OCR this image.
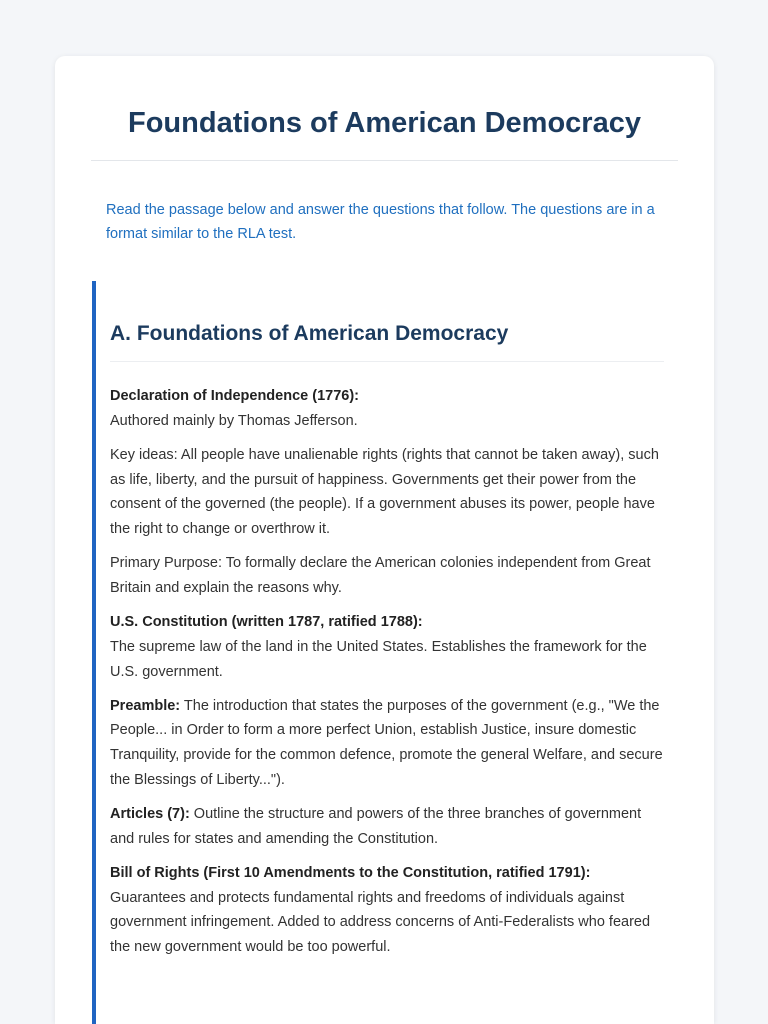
Foundations of American Democracy

Read the passage below and answer the questions that follow. The questions are in a format similar to the RLA test.

A. Foundations of American Democracy

Declaration of Independence (1776):
Authored mainly by Thomas Jefferson.

Key ideas: All people have unalienable rights (rights that cannot be taken away), such as life, liberty, and the pursuit of happiness. Governments get their power from the consent of the governed (the people). If a government abuses its power, people have the right to change or overthrow it.

Primary Purpose: To formally declare the American colonies independent from Great Britain and explain the reasons why.

U.S. Constitution (written 1787, ratified 1788):
The supreme law of the land in the United States. Establishes the framework for the U.S. government.

Preamble: The introduction that states the purposes of the government (e.g., "We the People... in Order to form a more perfect Union, establish Justice, insure domestic Tranquility, provide for the common defence, promote the general Welfare, and secure the Blessings of Liberty...").

Articles (7): Outline the structure and powers of the three branches of government and rules for states and amending the Constitution.

Bill of Rights (First 10 Amendments to the Constitution, ratified 1791):
Guarantees and protects fundamental rights and freedoms of individuals against government infringement. Added to address concerns of Anti-Federalists who feared the new government would be too powerful.
